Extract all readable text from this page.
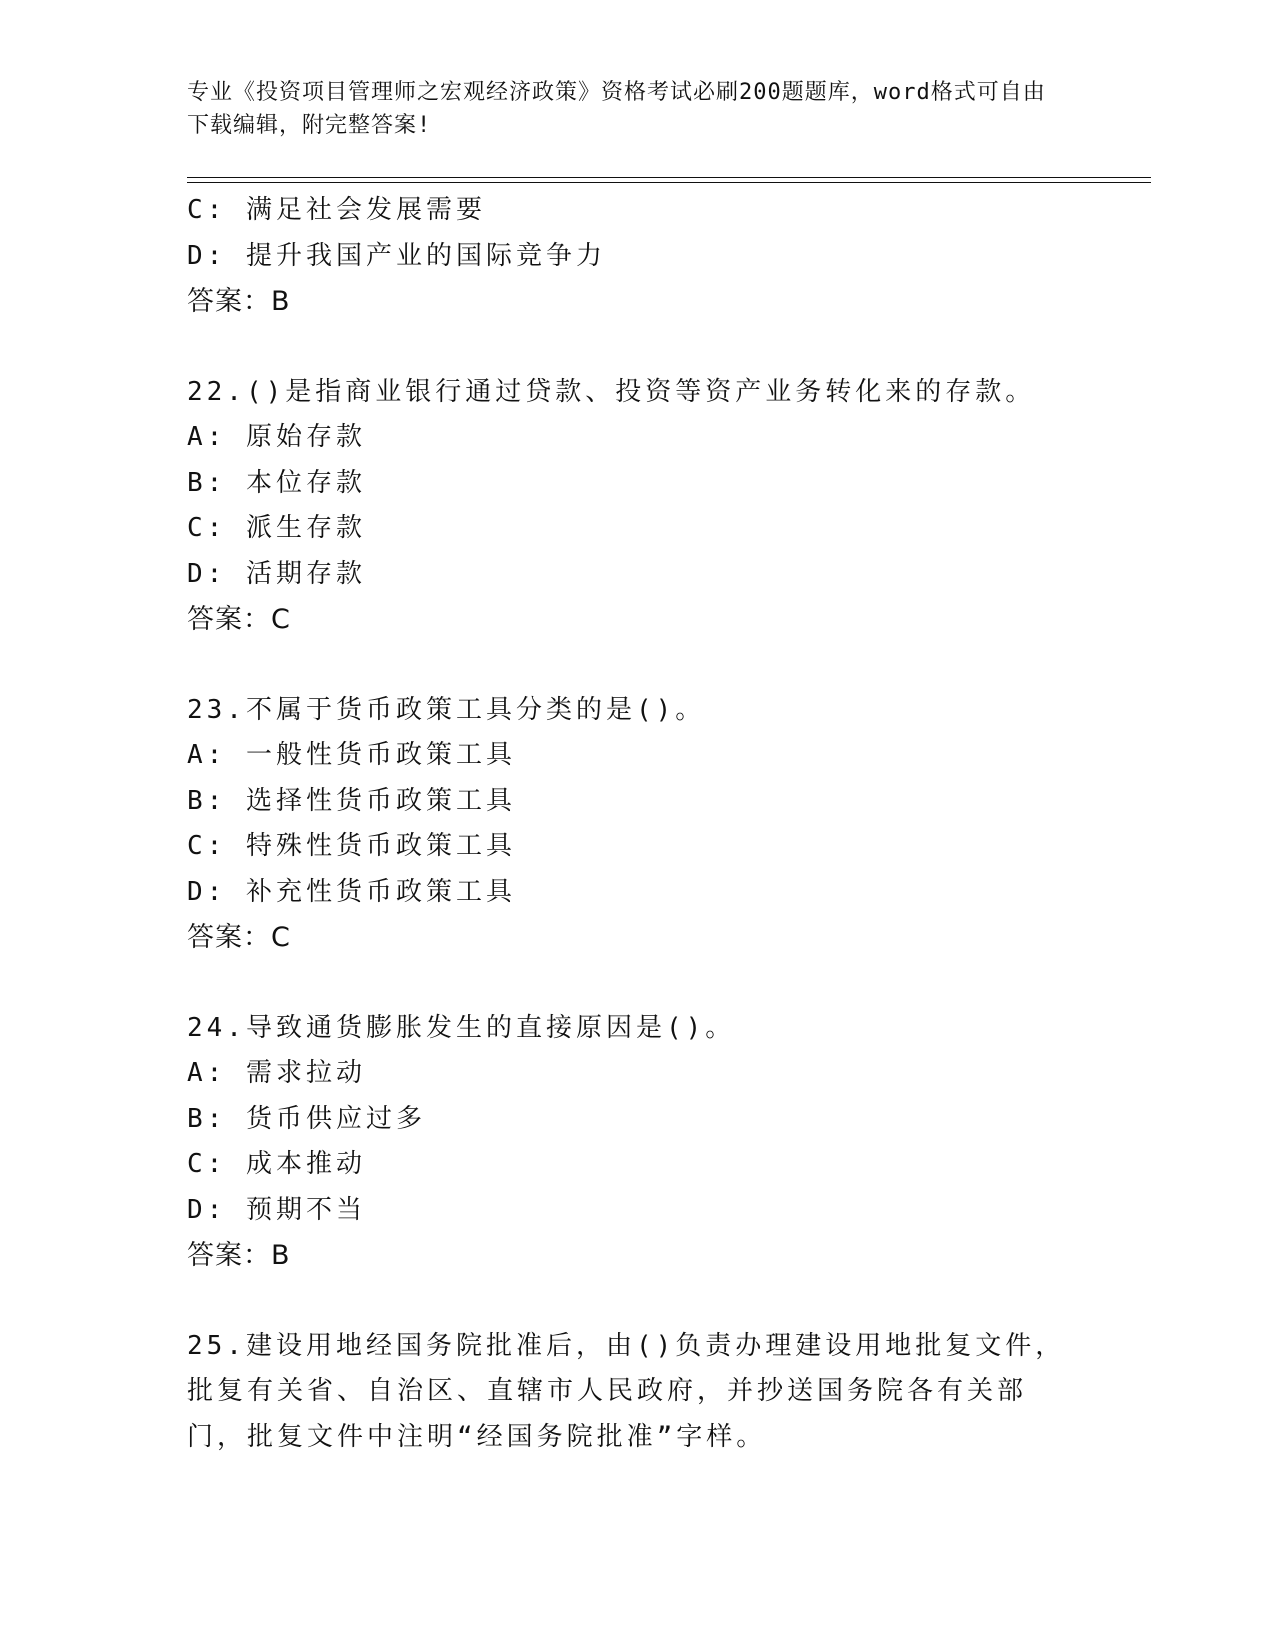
专业《投资项目管理师之宏观经济政策》资格考试必刷200题题库，word格式可自由下载编辑，附完整答案!
C: 满足社会发展需要
D: 提升我国产业的国际竞争力
答案：B
22.()是指商业银行通过贷款、投资等资产业务转化来的存款。
A: 原始存款
B: 本位存款
C: 派生存款
D: 活期存款
答案：C
23.不属于货币政策工具分类的是()。
A: 一般性货币政策工具
B: 选择性货币政策工具
C: 特殊性货币政策工具
D: 补充性货币政策工具
答案：C
24.导致通货膨胀发生的直接原因是()。
A: 需求拉动
B: 货币供应过多
C: 成本推动
D: 预期不当
答案：B
25.建设用地经国务院批准后，由()负责办理建设用地批复文件，批复有关省、自治区、直辖市人民政府，并抄送国务院各有关部门，批复文件中注明“经国务院批准”字样。
